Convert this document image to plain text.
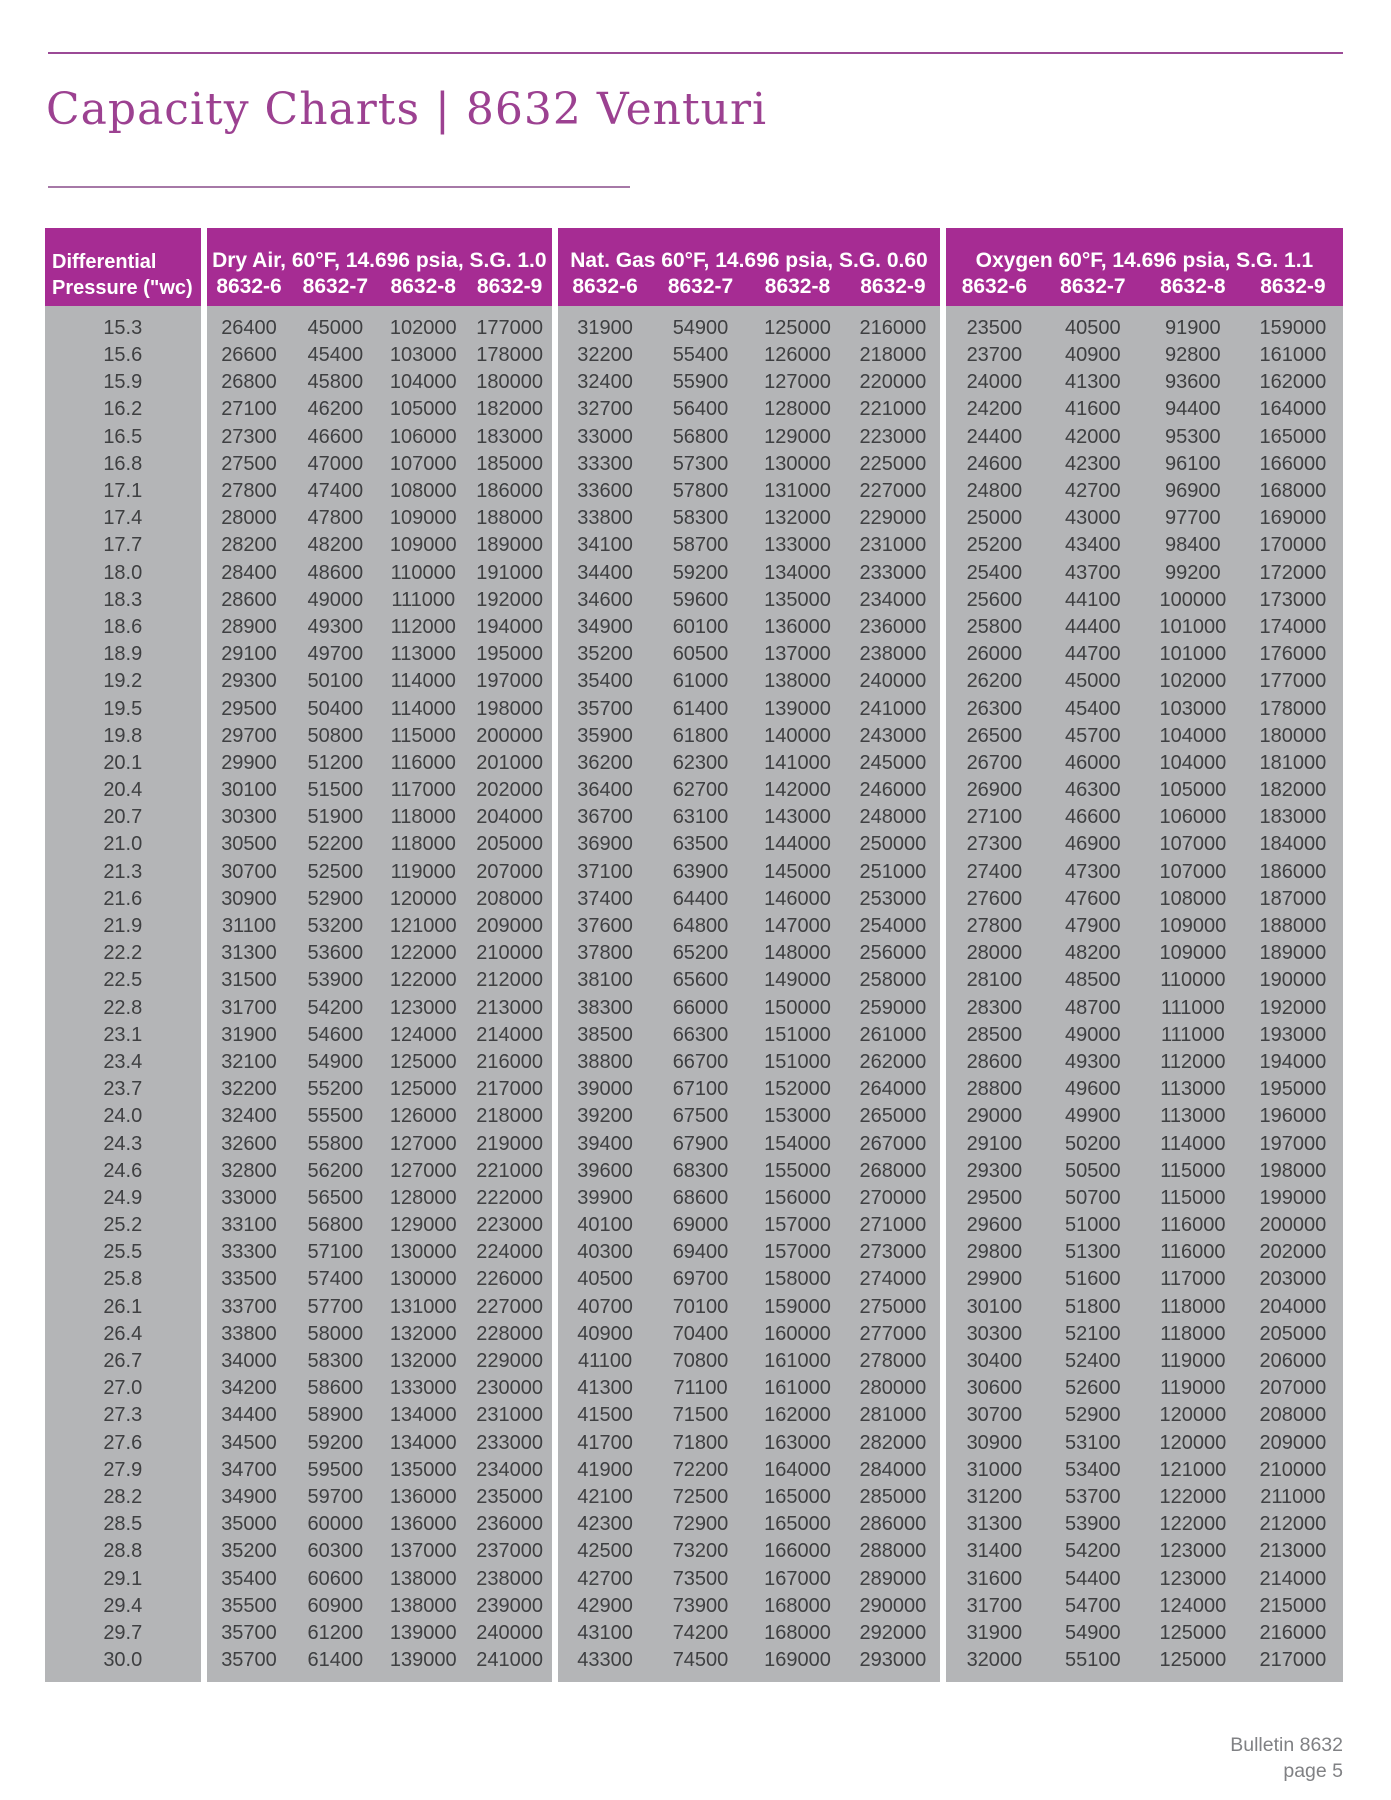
Capacity Charts | 8632 Venturi
Differential
Pressure ("wc)	Dry Air, 60°F, 14.696 psia, S.G. 1.0				Nat. Gas 60°F, 14.696 psia, S.G. 0.60				Oxygen 60°F, 14.696 psia, S.G. 1.1			
	8632-6	8632-7	8632-8	8632-9	8632-6	8632-7	8632-8	8632-9	8632-6	8632-7	8632-8	8632-9
15.3	26400	45000	102000	177000	31900	54900	125000	216000	23500	40500	91900	159000
15.6	26600	45400	103000	178000	32200	55400	126000	218000	23700	40900	92800	161000
15.9	26800	45800	104000	180000	32400	55900	127000	220000	24000	41300	93600	162000
16.2	27100	46200	105000	182000	32700	56400	128000	221000	24200	41600	94400	164000
16.5	27300	46600	106000	183000	33000	56800	129000	223000	24400	42000	95300	165000
16.8	27500	47000	107000	185000	33300	57300	130000	225000	24600	42300	96100	166000
17.1	27800	47400	108000	186000	33600	57800	131000	227000	24800	42700	96900	168000
17.4	28000	47800	109000	188000	33800	58300	132000	229000	25000	43000	97700	169000
17.7	28200	48200	109000	189000	34100	58700	133000	231000	25200	43400	98400	170000
18.0	28400	48600	110000	191000	34400	59200	134000	233000	25400	43700	99200	172000
18.3	28600	49000	111000	192000	34600	59600	135000	234000	25600	44100	100000	173000
18.6	28900	49300	112000	194000	34900	60100	136000	236000	25800	44400	101000	174000
18.9	29100	49700	113000	195000	35200	60500	137000	238000	26000	44700	101000	176000
19.2	29300	50100	114000	197000	35400	61000	138000	240000	26200	45000	102000	177000
19.5	29500	50400	114000	198000	35700	61400	139000	241000	26300	45400	103000	178000
19.8	29700	50800	115000	200000	35900	61800	140000	243000	26500	45700	104000	180000
20.1	29900	51200	116000	201000	36200	62300	141000	245000	26700	46000	104000	181000
20.4	30100	51500	117000	202000	36400	62700	142000	246000	26900	46300	105000	182000
20.7	30300	51900	118000	204000	36700	63100	143000	248000	27100	46600	106000	183000
21.0	30500	52200	118000	205000	36900	63500	144000	250000	27300	46900	107000	184000
21.3	30700	52500	119000	207000	37100	63900	145000	251000	27400	47300	107000	186000
21.6	30900	52900	120000	208000	37400	64400	146000	253000	27600	47600	108000	187000
21.9	31100	53200	121000	209000	37600	64800	147000	254000	27800	47900	109000	188000
22.2	31300	53600	122000	210000	37800	65200	148000	256000	28000	48200	109000	189000
22.5	31500	53900	122000	212000	38100	65600	149000	258000	28100	48500	110000	190000
22.8	31700	54200	123000	213000	38300	66000	150000	259000	28300	48700	111000	192000
23.1	31900	54600	124000	214000	38500	66300	151000	261000	28500	49000	111000	193000
23.4	32100	54900	125000	216000	38800	66700	151000	262000	28600	49300	112000	194000
23.7	32200	55200	125000	217000	39000	67100	152000	264000	28800	49600	113000	195000
24.0	32400	55500	126000	218000	39200	67500	153000	265000	29000	49900	113000	196000
24.3	32600	55800	127000	219000	39400	67900	154000	267000	29100	50200	114000	197000
24.6	32800	56200	127000	221000	39600	68300	155000	268000	29300	50500	115000	198000
24.9	33000	56500	128000	222000	39900	68600	156000	270000	29500	50700	115000	199000
25.2	33100	56800	129000	223000	40100	69000	157000	271000	29600	51000	116000	200000
25.5	33300	57100	130000	224000	40300	69400	157000	273000	29800	51300	116000	202000
25.8	33500	57400	130000	226000	40500	69700	158000	274000	29900	51600	117000	203000
26.1	33700	57700	131000	227000	40700	70100	159000	275000	30100	51800	118000	204000
26.4	33800	58000	132000	228000	40900	70400	160000	277000	30300	52100	118000	205000
26.7	34000	58300	132000	229000	41100	70800	161000	278000	30400	52400	119000	206000
27.0	34200	58600	133000	230000	41300	71100	161000	280000	30600	52600	119000	207000
27.3	34400	58900	134000	231000	41500	71500	162000	281000	30700	52900	120000	208000
27.6	34500	59200	134000	233000	41700	71800	163000	282000	30900	53100	120000	209000
27.9	34700	59500	135000	234000	41900	72200	164000	284000	31000	53400	121000	210000
28.2	34900	59700	136000	235000	42100	72500	165000	285000	31200	53700	122000	211000
28.5	35000	60000	136000	236000	42300	72900	165000	286000	31300	53900	122000	212000
28.8	35200	60300	137000	237000	42500	73200	166000	288000	31400	54200	123000	213000
29.1	35400	60600	138000	238000	42700	73500	167000	289000	31600	54400	123000	214000
29.4	35500	60900	138000	239000	42900	73900	168000	290000	31700	54700	124000	215000
29.7	35700	61200	139000	240000	43100	74200	168000	292000	31900	54900	125000	216000
30.0	35700	61400	139000	241000	43300	74500	169000	293000	32000	55100	125000	217000
Bulletin 8632
page 5
